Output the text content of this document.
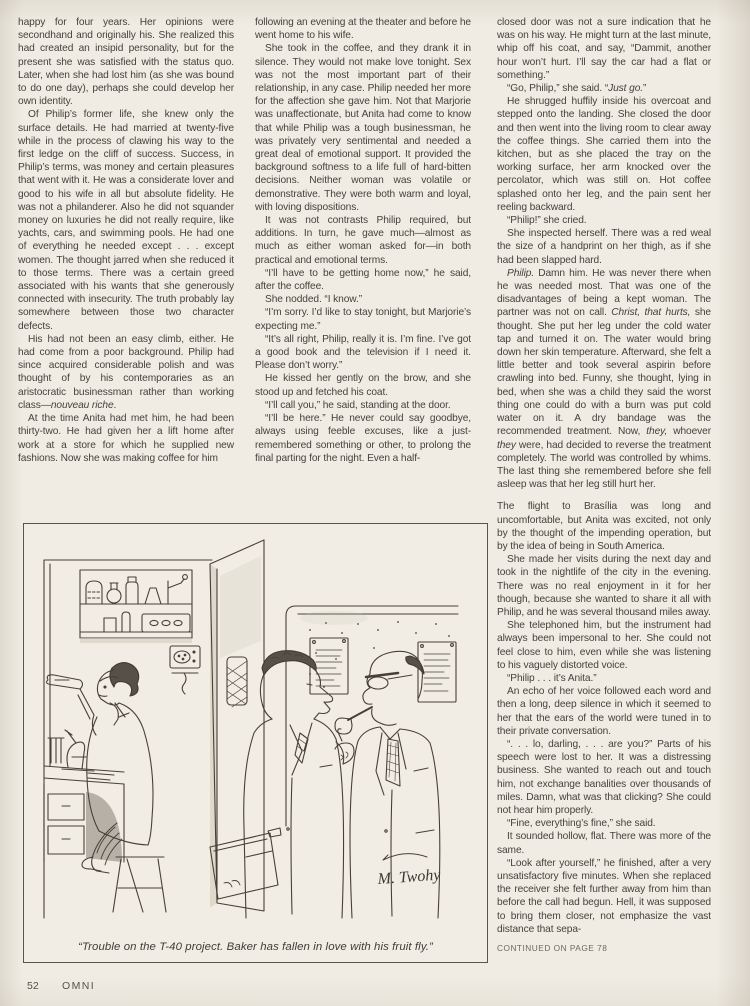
happy for four years. Her opinions were secondhand and originally his. She realized this had created an insipid personality, but for the present she was satisfied with the status quo. Later, when she had lost him (as she was bound to do one day), perhaps she could develop her own identity.

Of Philip’s former life, she knew only the surface details. He had married at twenty-five while in the process of clawing his way to the first ledge on the cliff of success. Success, in Philip’s terms, was money and certain pleasures that went with it. He was a considerate lover and good to his wife in all but absolute fidelity. He was not a philanderer. Also he did not squander money on luxuries he did not really require, like yachts, cars, and swimming pools. He had one of everything he needed except . . . except women. The thought jarred when she reduced it to those terms. There was a certain greed associated with his wants that she generously connected with insecurity. The truth probably lay somewhere between those two character defects.

His had not been an easy climb, either. He had come from a poor background. Philip had since acquired considerable polish and was thought of by his contemporaries as an aristocratic businessman rather than working class—nouveau riche.

At the time Anita had met him, he had been thirty-two. He had given her a lift home after work at a store for which he supplied new fashions. Now she was making coffee for him

following an evening at the theater and before he went home to his wife.

She took in the coffee, and they drank it in silence. They would not make love tonight. Sex was not the most important part of their relationship, in any case. Philip needed her more for the affection she gave him. Not that Marjorie was unaffectionate, but Anita had come to know that while Philip was a tough businessman, he was privately very sentimental and needed a great deal of emotional support. It provided the background softness to a life full of hard-bitten decisions. Neither woman was volatile or demonstrative. They were both warm and loyal, with loving dispositions.

It was not contrasts Philip required, but additions. In turn, he gave much—almost as much as either woman asked for—in both practical and emotional terms.

“I’ll have to be getting home now,” he said, after the coffee.

She nodded. “I know.”

“I’m sorry. I’d like to stay tonight, but Marjorie’s expecting me.”

“It’s all right, Philip, really it is. I’m fine. I’ve got a good book and the television if I need it. Please don’t worry.”

He kissed her gently on the brow, and she stood up and fetched his coat.

“I’ll call you,” he said, standing at the door.

“I’ll be here.” He never could say goodbye, always using feeble excuses, like a just-remembered something or other, to prolong the final parting for the night. Even a half-

closed door was not a sure indication that he was on his way. He might turn at the last minute, whip off his coat, and say, “Dammit, another hour won’t hurt. I’ll say the car had a flat or something.”

“Go, Philip,” she said. “Just go.”

He shrugged huffily inside his overcoat and stepped onto the landing. She closed the door and then went into the living room to clear away the coffee things. She carried them into the kitchen, but as she placed the tray on the working surface, her arm knocked over the percolator, which was still on. Hot coffee splashed onto her leg, and the pain sent her reeling backward.

“Philip!” she cried.

She inspected herself. There was a red weal the size of a handprint on her thigh, as if she had been slapped hard.

Philip. Damn him. He was never there when he was needed most. That was one of the disadvantages of being a kept woman. The partner was not on call. Christ, that hurts, she thought. She put her leg under the cold water tap and turned it on. The water would bring down her skin temperature. Afterward, she felt a little better and took several aspirin before crawling into bed. Funny, she thought, lying in bed, when she was a child they said the worst thing one could do with a burn was put cold water on it. A dry bandage was the recommended treatment. Now, they, whoever they were, had decided to reverse the treatment completely. The world was controlled by whims. The last thing she remembered before she fell asleep was that her leg still hurt her.

The flight to Brasília was long and uncomfortable, but Anita was excited, not only by the thought of the impending operation, but by the idea of being in South America.

She made her visits during the next day and took in the nightlife of the city in the evening. There was no real enjoyment in it for her though, because she wanted to share it all with Philip, and he was several thousand miles away.

She telephoned him, but the instrument had always been impersonal to her. She could not feel close to him, even while she was listening to his vaguely distorted voice.

“Philip . . . it’s Anita.”

An echo of her voice followed each word and then a long, deep silence in which it seemed to her that the ears of the world were tuned in to their private conversation.

“. . . lo, darling, . . . are you?” Parts of his speech were lost to her. It was a distressing business. She wanted to reach out and touch him, not exchange banalities over thousands of miles. Damn, what was that clicking? She could not hear him properly.

“Fine, everything’s fine,” she said.

It sounded hollow, flat. There was more of the same.

“Look after yourself,” he finished, after a very unsatisfactory five minutes. When she replaced the receiver she felt further away from him than before the call had begun. Hell, it was supposed to bring them closer, not emphasize the vast distance that sepa-

CONTINUED ON PAGE 78
M. Twohy
“Trouble on the T-40 project. Baker has fallen in love with his fruit fly.”
52 OMNI
